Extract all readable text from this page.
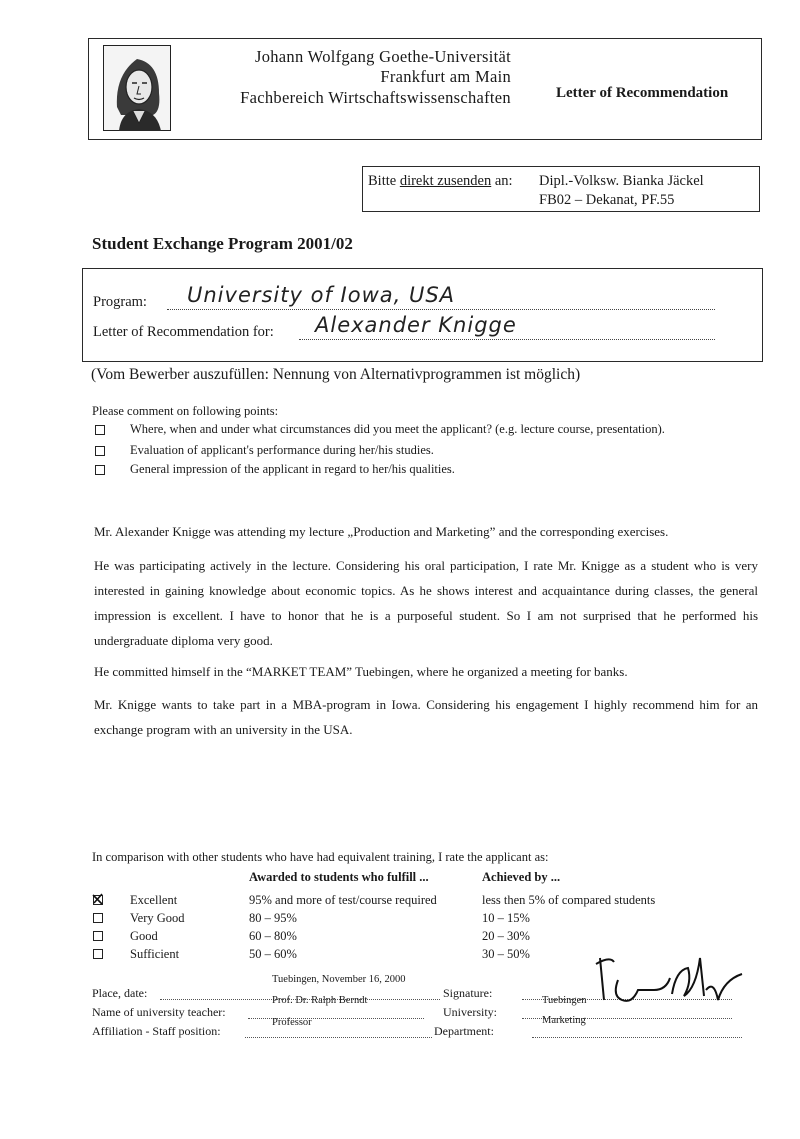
Johann Wolfgang Goethe-Universität
Frankfurt am Main
Fachbereich Wirtschaftswissenschaften	Letter of Recommendation
Bitte direkt zusenden an: Dipl.-Volksw. Bianka Jäckel
FB02 – Dekanat, PF.55
Student Exchange Program 2001/02
Program: University of Iowa, USA
Letter of Recommendation for: Alexander Knigge
(Vom Bewerber auszufüllen: Nennung von Alternativprogrammen ist möglich)
Please comment on following points:
Where, when and under what circumstances did you meet the applicant? (e.g. lecture course, presentation).
Evaluation of applicant's performance during her/his studies.
General impression of the applicant in regard to her/his qualities.
Mr. Alexander Knigge was attending my lecture „Production and Marketing” and the corresponding exercises.
He was participating actively in the lecture. Considering his oral participation, I rate Mr. Knigge as a student who is very interested in gaining knowledge about economic topics. As he shows interest and acquaintance during classes, the general impression is excellent. I have to honor that he is a purposeful student. So I am not surprised that he performed his undergraduate diploma very good.
He committed himself in the “MARKET TEAM” Tuebingen, where he organized a meeting for banks.
Mr. Knigge wants to take part in a MBA-program in Iowa. Considering his engagement I highly recommend him for an exchange program with an university in the USA.
In comparison with other students who have had equivalent training, I rate the applicant as:
Awarded to students who fulfill ...	Achieved by ...
Excellent	95% and more of test/course required	less then 5% of compared students
Very Good	80 – 95%	10 – 15%
Good	60 – 80%	20 – 30%
Sufficient	50 – 60%	30 – 50%
Place, date:
Tuebingen, November 16, 2000
Signature:
Name of university teacher:
Prof. Dr. Ralph Berndt
University:
Tuebingen
Affiliation - Staff position:
Professor
Department:
Marketing
